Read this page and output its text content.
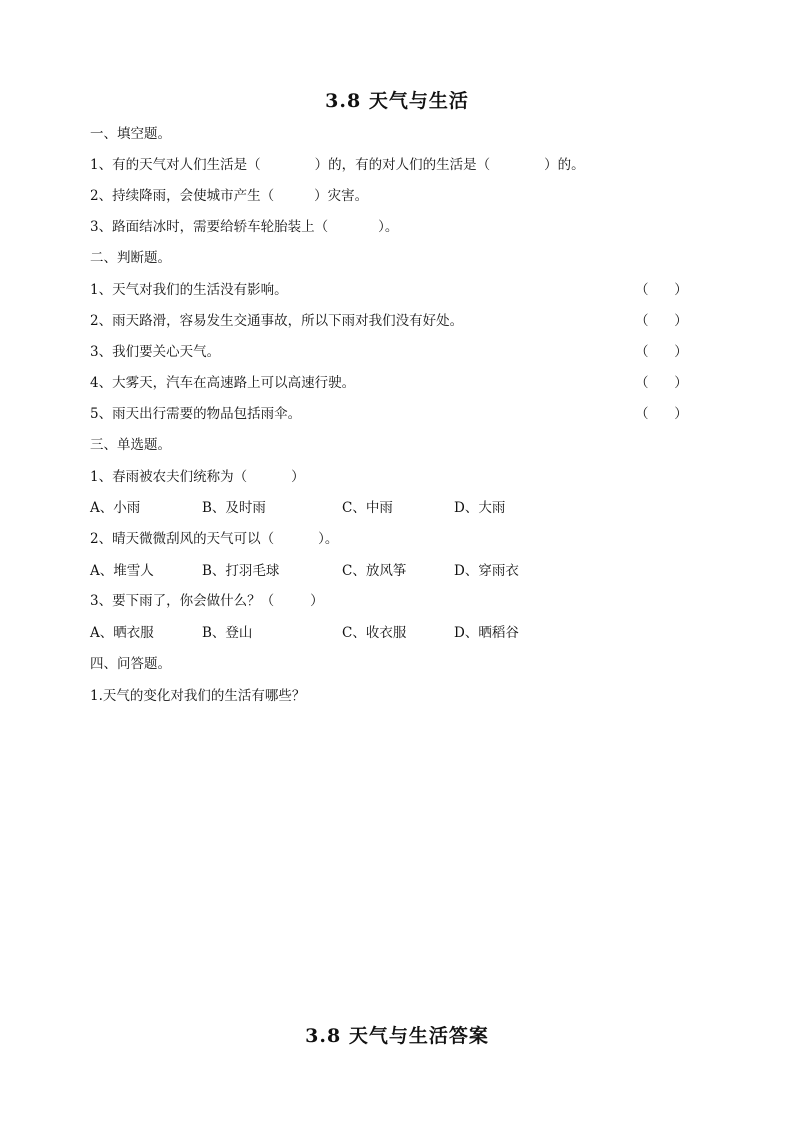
3.8 天气与生活
一、填空题。
1、有的天气对人们生活是（	）的，有的对人们的生活是（	）的。
2、持续降雨，会使城市产生（	）灾害。
3、路面结冰时，需要给轿车轮胎装上（	）。
二、判断题。
1、天气对我们的生活没有影响。	（      ）
2、雨天路滑，容易发生交通事故，所以下雨对我们没有好处。	（      ）
3、我们要关心天气。	（      ）
4、大雾天，汽车在高速路上可以高速行驶。	（      ）
5、雨天出行需要的物品包括雨伞。	（      ）
三、单选题。
1、春雨被农夫们统称为（	）
A、小雨	B、及时雨	C、中雨	D、大雨
2、晴天微微刮风的天气可以（	）。
A、堆雪人	B、打羽毛球	C、放风筝	D、穿雨衣
3、要下雨了，你会做什么？（	）
A、晒衣服	B、登山	C、收衣服	D、晒稻谷
四、问答题。
1.天气的变化对我们的生活有哪些？
3.8 天气与生活答案
